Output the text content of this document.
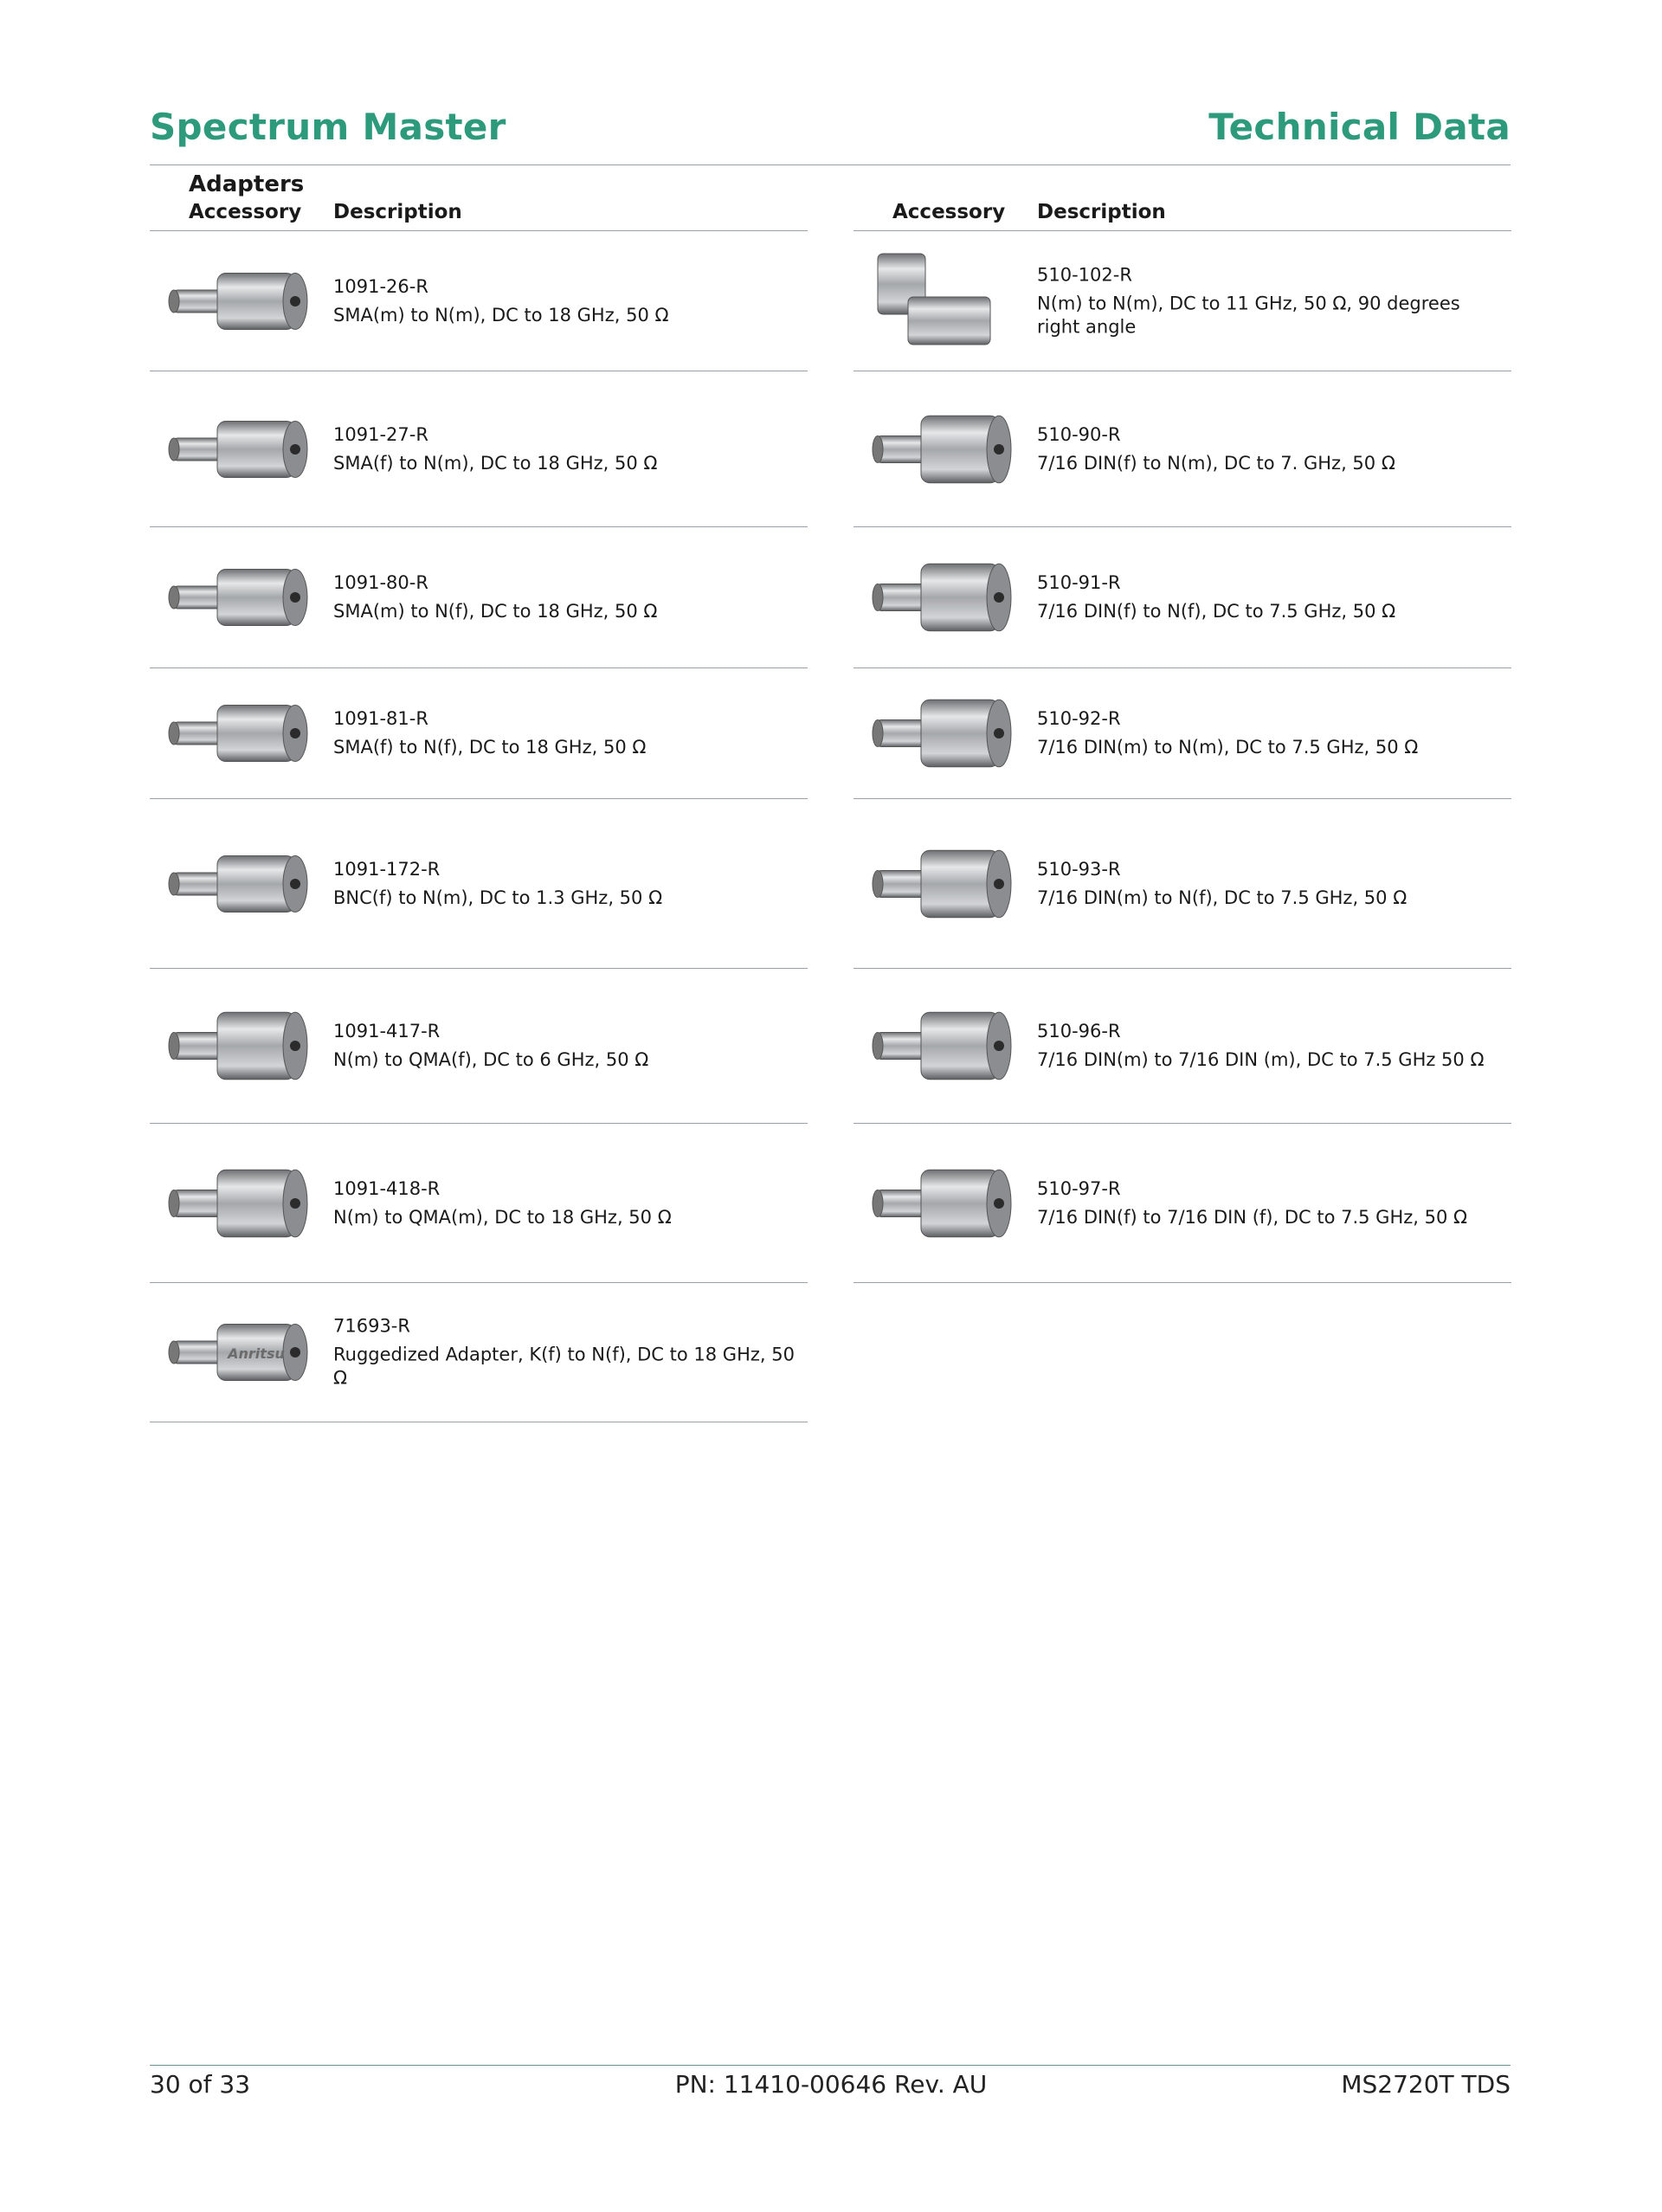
Spectrum Master	Technical Data
Adapters
Accessory Description
1091-26-R
SMA(m) to N(m), DC to 18 GHz, 50 Ω
1091-27-R
SMA(f) to N(m), DC to 18 GHz, 50 Ω
1091-80-R
SMA(m) to N(f), DC to 18 GHz, 50 Ω
1091-81-R
SMA(f) to N(f), DC to 18 GHz, 50 Ω
1091-172-R
BNC(f) to N(m), DC to 1.3 GHz, 50 Ω
1091-417-R
N(m) to QMA(f), DC to 6 GHz, 50 Ω
1091-418-R
N(m) to QMA(m), DC to 18 GHz, 50 Ω
Anritsu
71693-R
Ruggedized Adapter, K(f) to N(f), DC to 18 GHz, 50 Ω
Accessory Description
510-102-R
N(m) to N(m), DC to 11 GHz, 50 Ω, 90 degrees right angle
510-90-R
7/16 DIN(f) to N(m), DC to 7. GHz, 50 Ω
510-91-R
7/16 DIN(f) to N(f), DC to 7.5 GHz, 50 Ω
510-92-R
7/16 DIN(m) to N(m), DC to 7.5 GHz, 50 Ω
510-93-R
7/16 DIN(m) to N(f), DC to 7.5 GHz, 50 Ω
510-96-R
7/16 DIN(m) to 7/16 DIN (m), DC to 7.5 GHz 50 Ω
510-97-R
7/16 DIN(f) to 7/16 DIN (f), DC to 7.5 GHz, 50 Ω
30 of 33	PN: 11410-00646 Rev. AU	MS2720T TDS
